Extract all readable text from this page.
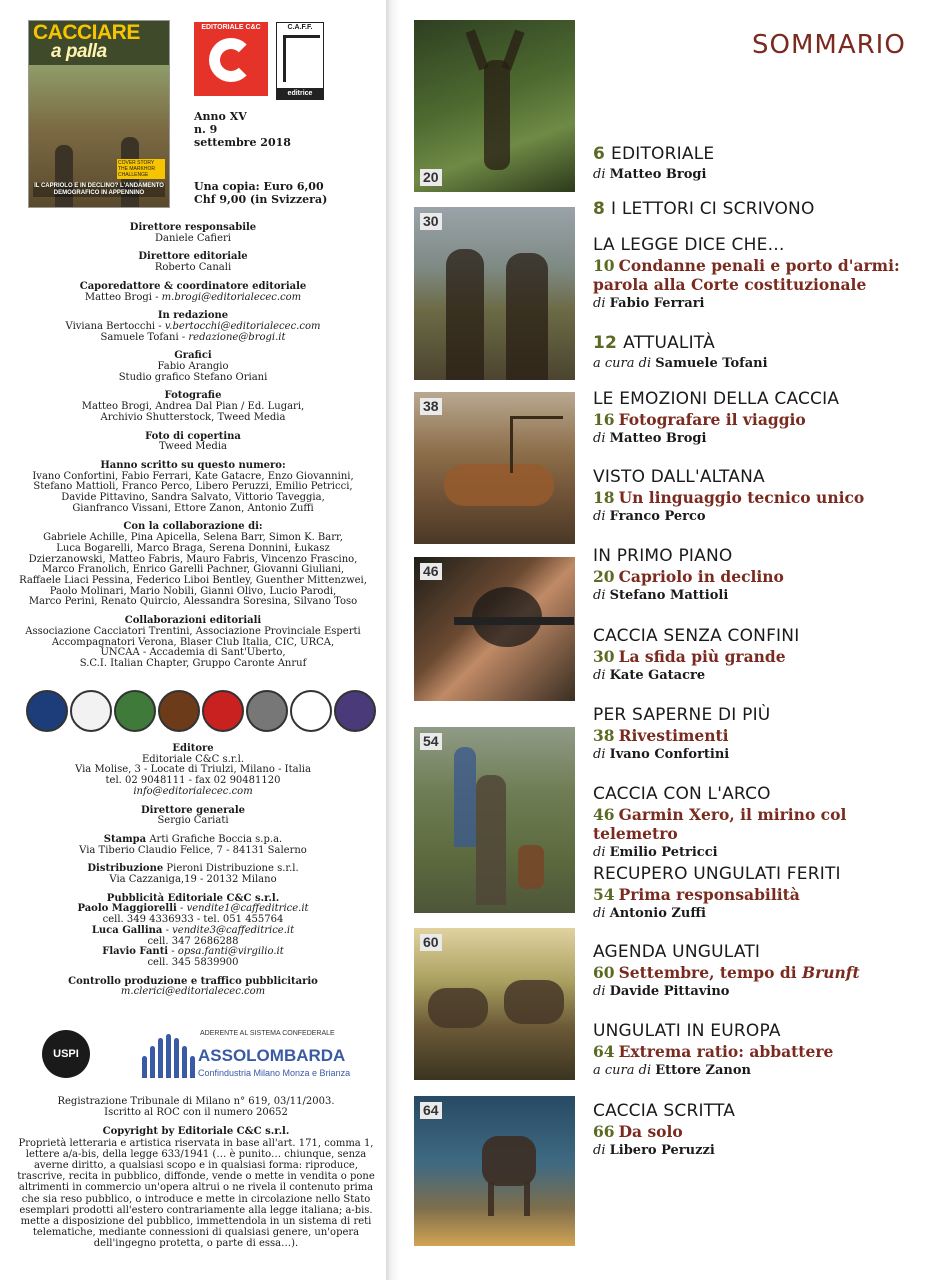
CACCIARE
a palla
COVER STORY THE MARKHOR CHALLENGE
IL CAPRIOLO E IN DECLINO? L'ANDAMENTO DEMOGRAFICO IN APPENNINO
EDITORIALE C&C	C.A.F.F.
editrice
Anno XV
n. 9
settembre 2018
Una copia: Euro 6,00
Chf 9,00 (in Svizzera)
Direttore responsabile
Daniele Cafieri
Direttore editoriale
Roberto Canali
Caporedattore & coordinatore editoriale
Matteo Brogi - m.brogi@editorialecec.com
In redazione
Viviana Bertocchi - v.bertocchi@editorialecec.com
Samuele Tofani - redazione@brogi.it
Grafici
Fabio Arangio
Studio grafico Stefano Oriani
Fotografie
Matteo Brogi, Andrea Dal Pian / Ed. Lugari,
Archivio Shutterstock, Tweed Media
Foto di copertina
Tweed Media
Hanno scritto su questo numero:
Ivano Confortini, Fabio Ferrari, Kate Gatacre, Enzo Giovannini,
Stefano Mattioli, Franco Perco, Libero Peruzzi, Emilio Petricci,
Davide Pittavino, Sandra Salvato, Vittorio Taveggia,
Gianfranco Vissani, Ettore Zanon, Antonio Zuffi
Con la collaborazione di:
Gabriele Achille, Pina Apicella, Selena Barr, Simon K. Barr,
Luca Bogarelli, Marco Braga, Serena Donnini, Łukasz
Dzierzanowski, Matteo Fabris, Mauro Fabris, Vincenzo Frascino,
Marco Franolich, Enrico Garelli Pachner, Giovanni Giuliani,
Raffaele Liaci Pessina, Federico Liboi Bentley, Guenther Mittenzwei,
Paolo Molinari, Mario Nobili, Gianni Olivo, Lucio Parodi,
Marco Perini, Renato Quircio, Alessandra Soresina, Silvano Toso
Collaborazioni editoriali
Associazione Cacciatori Trentini, Associazione Provinciale Esperti
Accompagnatori Verona, Blaser Club Italia, CIC, URCA,
UNCAA - Accademia di Sant'Uberto,
S.C.I. Italian Chapter, Gruppo Caronte Anruf
Editore
Editoriale C&C s.r.l.
Via Molise, 3 - Locate di Triulzi, Milano - Italia
tel. 02 9048111 - fax 02 90481120
info@editorialecec.com
Direttore generale
Sergio Cariati
Stampa Arti Grafiche Boccia s.p.a.
Via Tiberio Claudio Felice, 7 - 84131 Salerno
Distribuzione Pieroni Distribuzione s.r.l.
Via Cazzaniga,19 - 20132 Milano
Pubblicità Editoriale C&C s.r.l.
Paolo Maggiorelli - vendite1@caffeditrice.it
cell. 349 4336933 - tel. 051 455764
Luca Gallina - vendite3@caffeditrice.it
cell. 347 2686288
Flavio Fanti - opsa.fanti@virgilio.it
cell. 345 5839900
Controllo produzione e traffico pubblicitario
m.clerici@editorialecec.com
USPI
ADERENTE AL SISTEMA CONFEDERALE
ASSOLOMBARDA
Confindustria Milano Monza e Brianza
Registrazione Tribunale di Milano n° 619, 03/11/2003.
Iscritto al ROC con il numero 20652
Copyright by Editoriale C&C s.r.l.
Proprietà letteraria e artistica riservata in base all'art. 171, comma 1, lettere a/a-bis, della legge 633/1941 (… è punito… chiunque, senza averne diritto, a qualsiasi scopo e in qualsiasi forma: riproduce, trascrive, recita in pubblico, diffonde, vende o mette in vendita o pone altrimenti in commercio un'opera altrui o ne rivela il contenuto prima che sia reso pubblico, o introduce e mette in circolazione nello Stato esemplari prodotti all'estero contrariamente alla legge italiana; a-bis. mette a disposizione del pubblico, immettendola in un sistema di reti telematiche, mediante connessioni di qualsiasi genere, un'opera dell'ingegno protetta, o parte di essa…).
SOMMARIO
20
30
38
46
54
60
64
6 EDITORIALE
di Matteo Brogi
8 I LETTORI CI SCRIVONO
LA LEGGE DICE CHE…
10 Condanne penali e porto d'armi: parola alla Corte costituzionale
di Fabio Ferrari
12 ATTUALITÀ
a cura di Samuele Tofani
LE EMOZIONI DELLA CACCIA
16 Fotografare il viaggio
di Matteo Brogi
VISTO DALL'ALTANA
18 Un linguaggio tecnico unico
di Franco Perco
IN PRIMO PIANO
20 Capriolo in declino
di Stefano Mattioli
CACCIA SENZA CONFINI
30 La sfida più grande
di Kate Gatacre
PER SAPERNE DI PIÙ
38 Rivestimenti
di Ivano Confortini
CACCIA CON L'ARCO
46 Garmin Xero, il mirino col telemetro
di Emilio Petricci
RECUPERO UNGULATI FERITI
54 Prima responsabilità
di Antonio Zuffi
AGENDA UNGULATI
60 Settembre, tempo di Brunft
di Davide Pittavino
UNGULATI IN EUROPA
64 Extrema ratio: abbattere
a cura di Ettore Zanon
CACCIA SCRITTA
66 Da solo
di Libero Peruzzi
